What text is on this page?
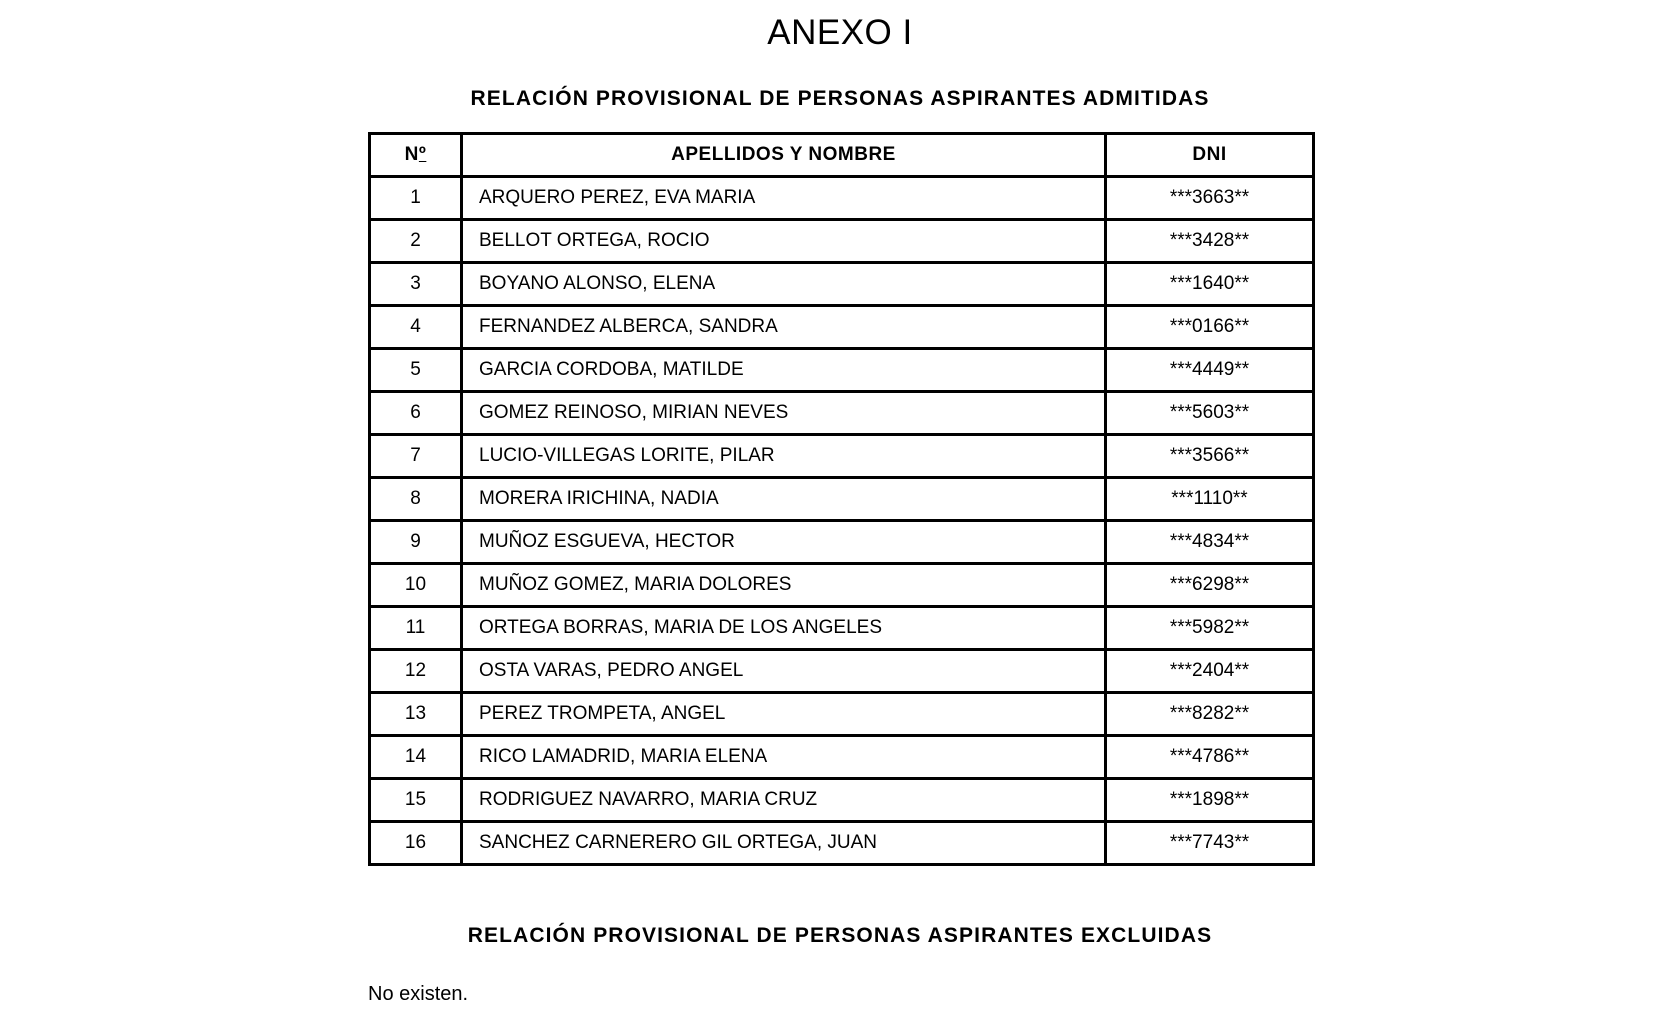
ANEXO I
RELACIÓN PROVISIONAL DE PERSONAS ASPIRANTES ADMITIDAS
Nº	APELLIDOS Y NOMBRE	DNI
1	ARQUERO PEREZ, EVA MARIA	***3663**
2	BELLOT ORTEGA, ROCIO	***3428**
3	BOYANO ALONSO, ELENA	***1640**
4	FERNANDEZ ALBERCA, SANDRA	***0166**
5	GARCIA CORDOBA, MATILDE	***4449**
6	GOMEZ REINOSO, MIRIAN NEVES	***5603**
7	LUCIO-VILLEGAS LORITE, PILAR	***3566**
8	MORERA IRICHINA, NADIA	***1110**
9	MUÑOZ ESGUEVA, HECTOR	***4834**
10	MUÑOZ GOMEZ, MARIA DOLORES	***6298**
11	ORTEGA BORRAS, MARIA DE LOS ANGELES	***5982**
12	OSTA VARAS, PEDRO ANGEL	***2404**
13	PEREZ TROMPETA, ANGEL	***8282**
14	RICO LAMADRID, MARIA ELENA	***4786**
15	RODRIGUEZ NAVARRO, MARIA CRUZ	***1898**
16	SANCHEZ CARNERERO GIL ORTEGA, JUAN	***7743**
RELACIÓN PROVISIONAL DE PERSONAS ASPIRANTES EXCLUIDAS

No existen.
